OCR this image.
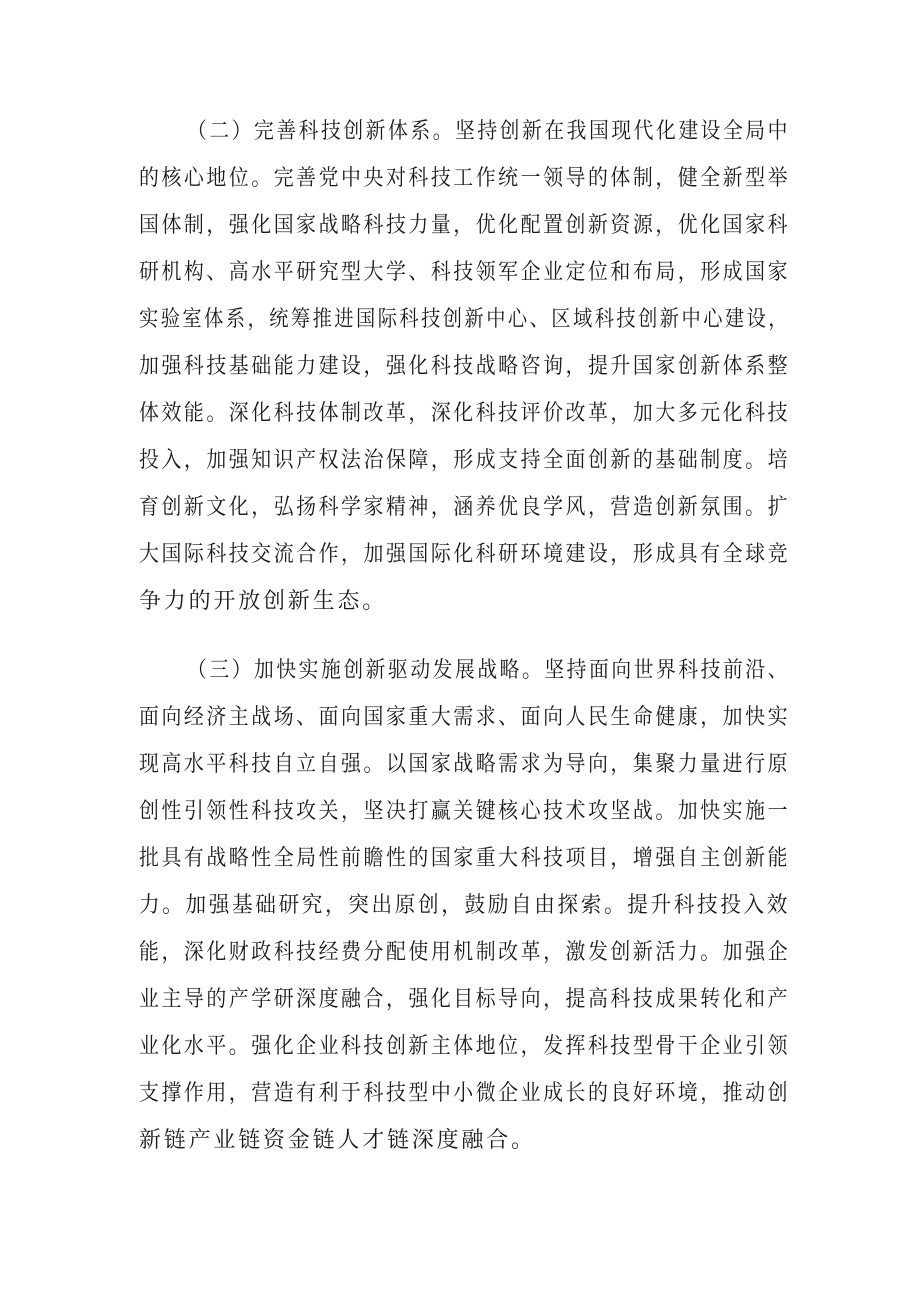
（二）完善科技创新体系。坚持创新在我国现代化建设全局中
的核心地位。完善党中央对科技工作统一领导的体制，健全新型举
国体制，强化国家战略科技力量，优化配置创新资源，优化国家科
研机构、高水平研究型大学、科技领军企业定位和布局，形成国家
实验室体系，统筹推进国际科技创新中心、区域科技创新中心建设，
加强科技基础能力建设，强化科技战略咨询，提升国家创新体系整
体效能。深化科技体制改革，深化科技评价改革，加大多元化科技
投入，加强知识产权法治保障，形成支持全面创新的基础制度。培
育创新文化，弘扬科学家精神，涵养优良学风，营造创新氛围。扩
大国际科技交流合作，加强国际化科研环境建设，形成具有全球竞
争力的开放创新生态。
（三）加快实施创新驱动发展战略。坚持面向世界科技前沿、
面向经济主战场、面向国家重大需求、面向人民生命健康，加快实
现高水平科技自立自强。以国家战略需求为导向，集聚力量进行原
创性引领性科技攻关，坚决打赢关键核心技术攻坚战。加快实施一
批具有战略性全局性前瞻性的国家重大科技项目，增强自主创新能
力。加强基础研究，突出原创，鼓励自由探索。提升科技投入效
能，深化财政科技经费分配使用机制改革，激发创新活力。加强企
业主导的产学研深度融合，强化目标导向，提高科技成果转化和产
业化水平。强化企业科技创新主体地位，发挥科技型骨干企业引领
支撑作用，营造有利于科技型中小微企业成长的良好环境，推动创
新链产业链资金链人才链深度融合。
